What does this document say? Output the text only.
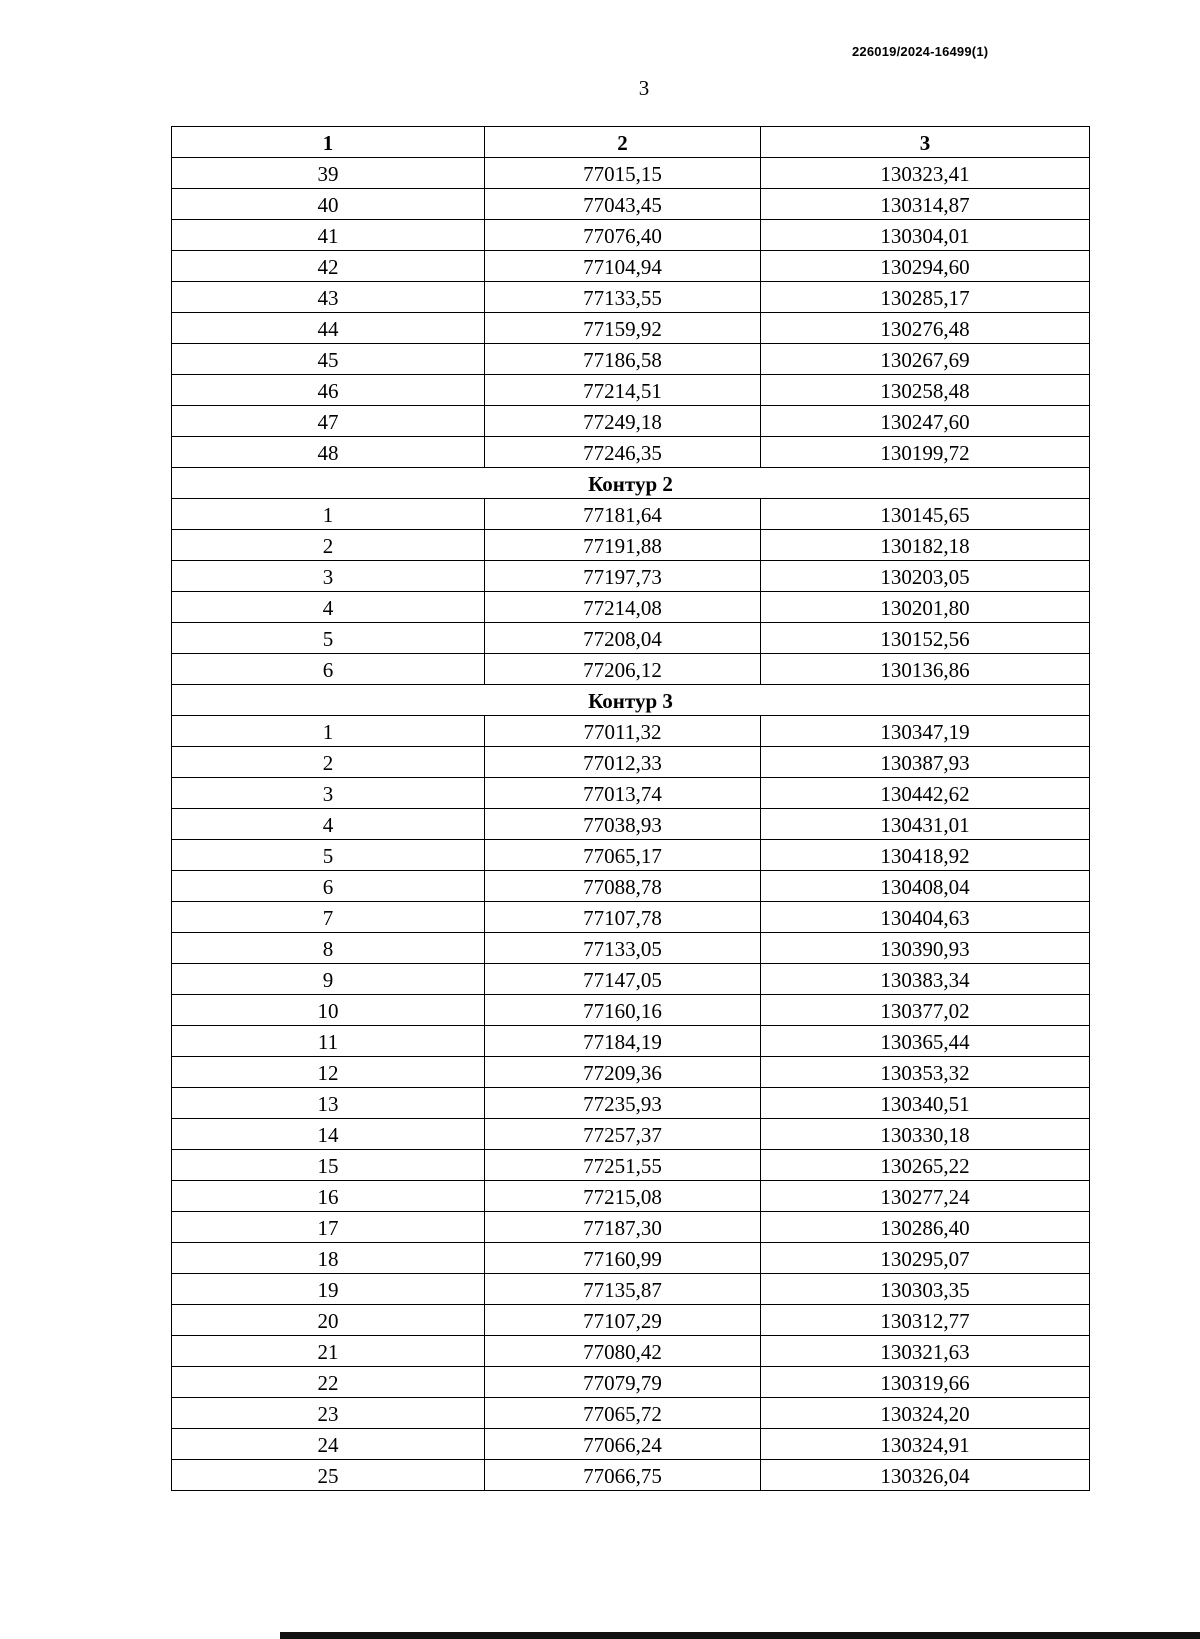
226019/2024-16499(1)
3
1	2	3
39	77015,15	130323,41
40	77043,45	130314,87
41	77076,40	130304,01
42	77104,94	130294,60
43	77133,55	130285,17
44	77159,92	130276,48
45	77186,58	130267,69
46	77214,51	130258,48
47	77249,18	130247,60
48	77246,35	130199,72
Контур 2		
1	77181,64	130145,65
2	77191,88	130182,18
3	77197,73	130203,05
4	77214,08	130201,80
5	77208,04	130152,56
6	77206,12	130136,86
Контур 3		
1	77011,32	130347,19
2	77012,33	130387,93
3	77013,74	130442,62
4	77038,93	130431,01
5	77065,17	130418,92
6	77088,78	130408,04
7	77107,78	130404,63
8	77133,05	130390,93
9	77147,05	130383,34
10	77160,16	130377,02
11	77184,19	130365,44
12	77209,36	130353,32
13	77235,93	130340,51
14	77257,37	130330,18
15	77251,55	130265,22
16	77215,08	130277,24
17	77187,30	130286,40
18	77160,99	130295,07
19	77135,87	130303,35
20	77107,29	130312,77
21	77080,42	130321,63
22	77079,79	130319,66
23	77065,72	130324,20
24	77066,24	130324,91
25	77066,75	130326,04
